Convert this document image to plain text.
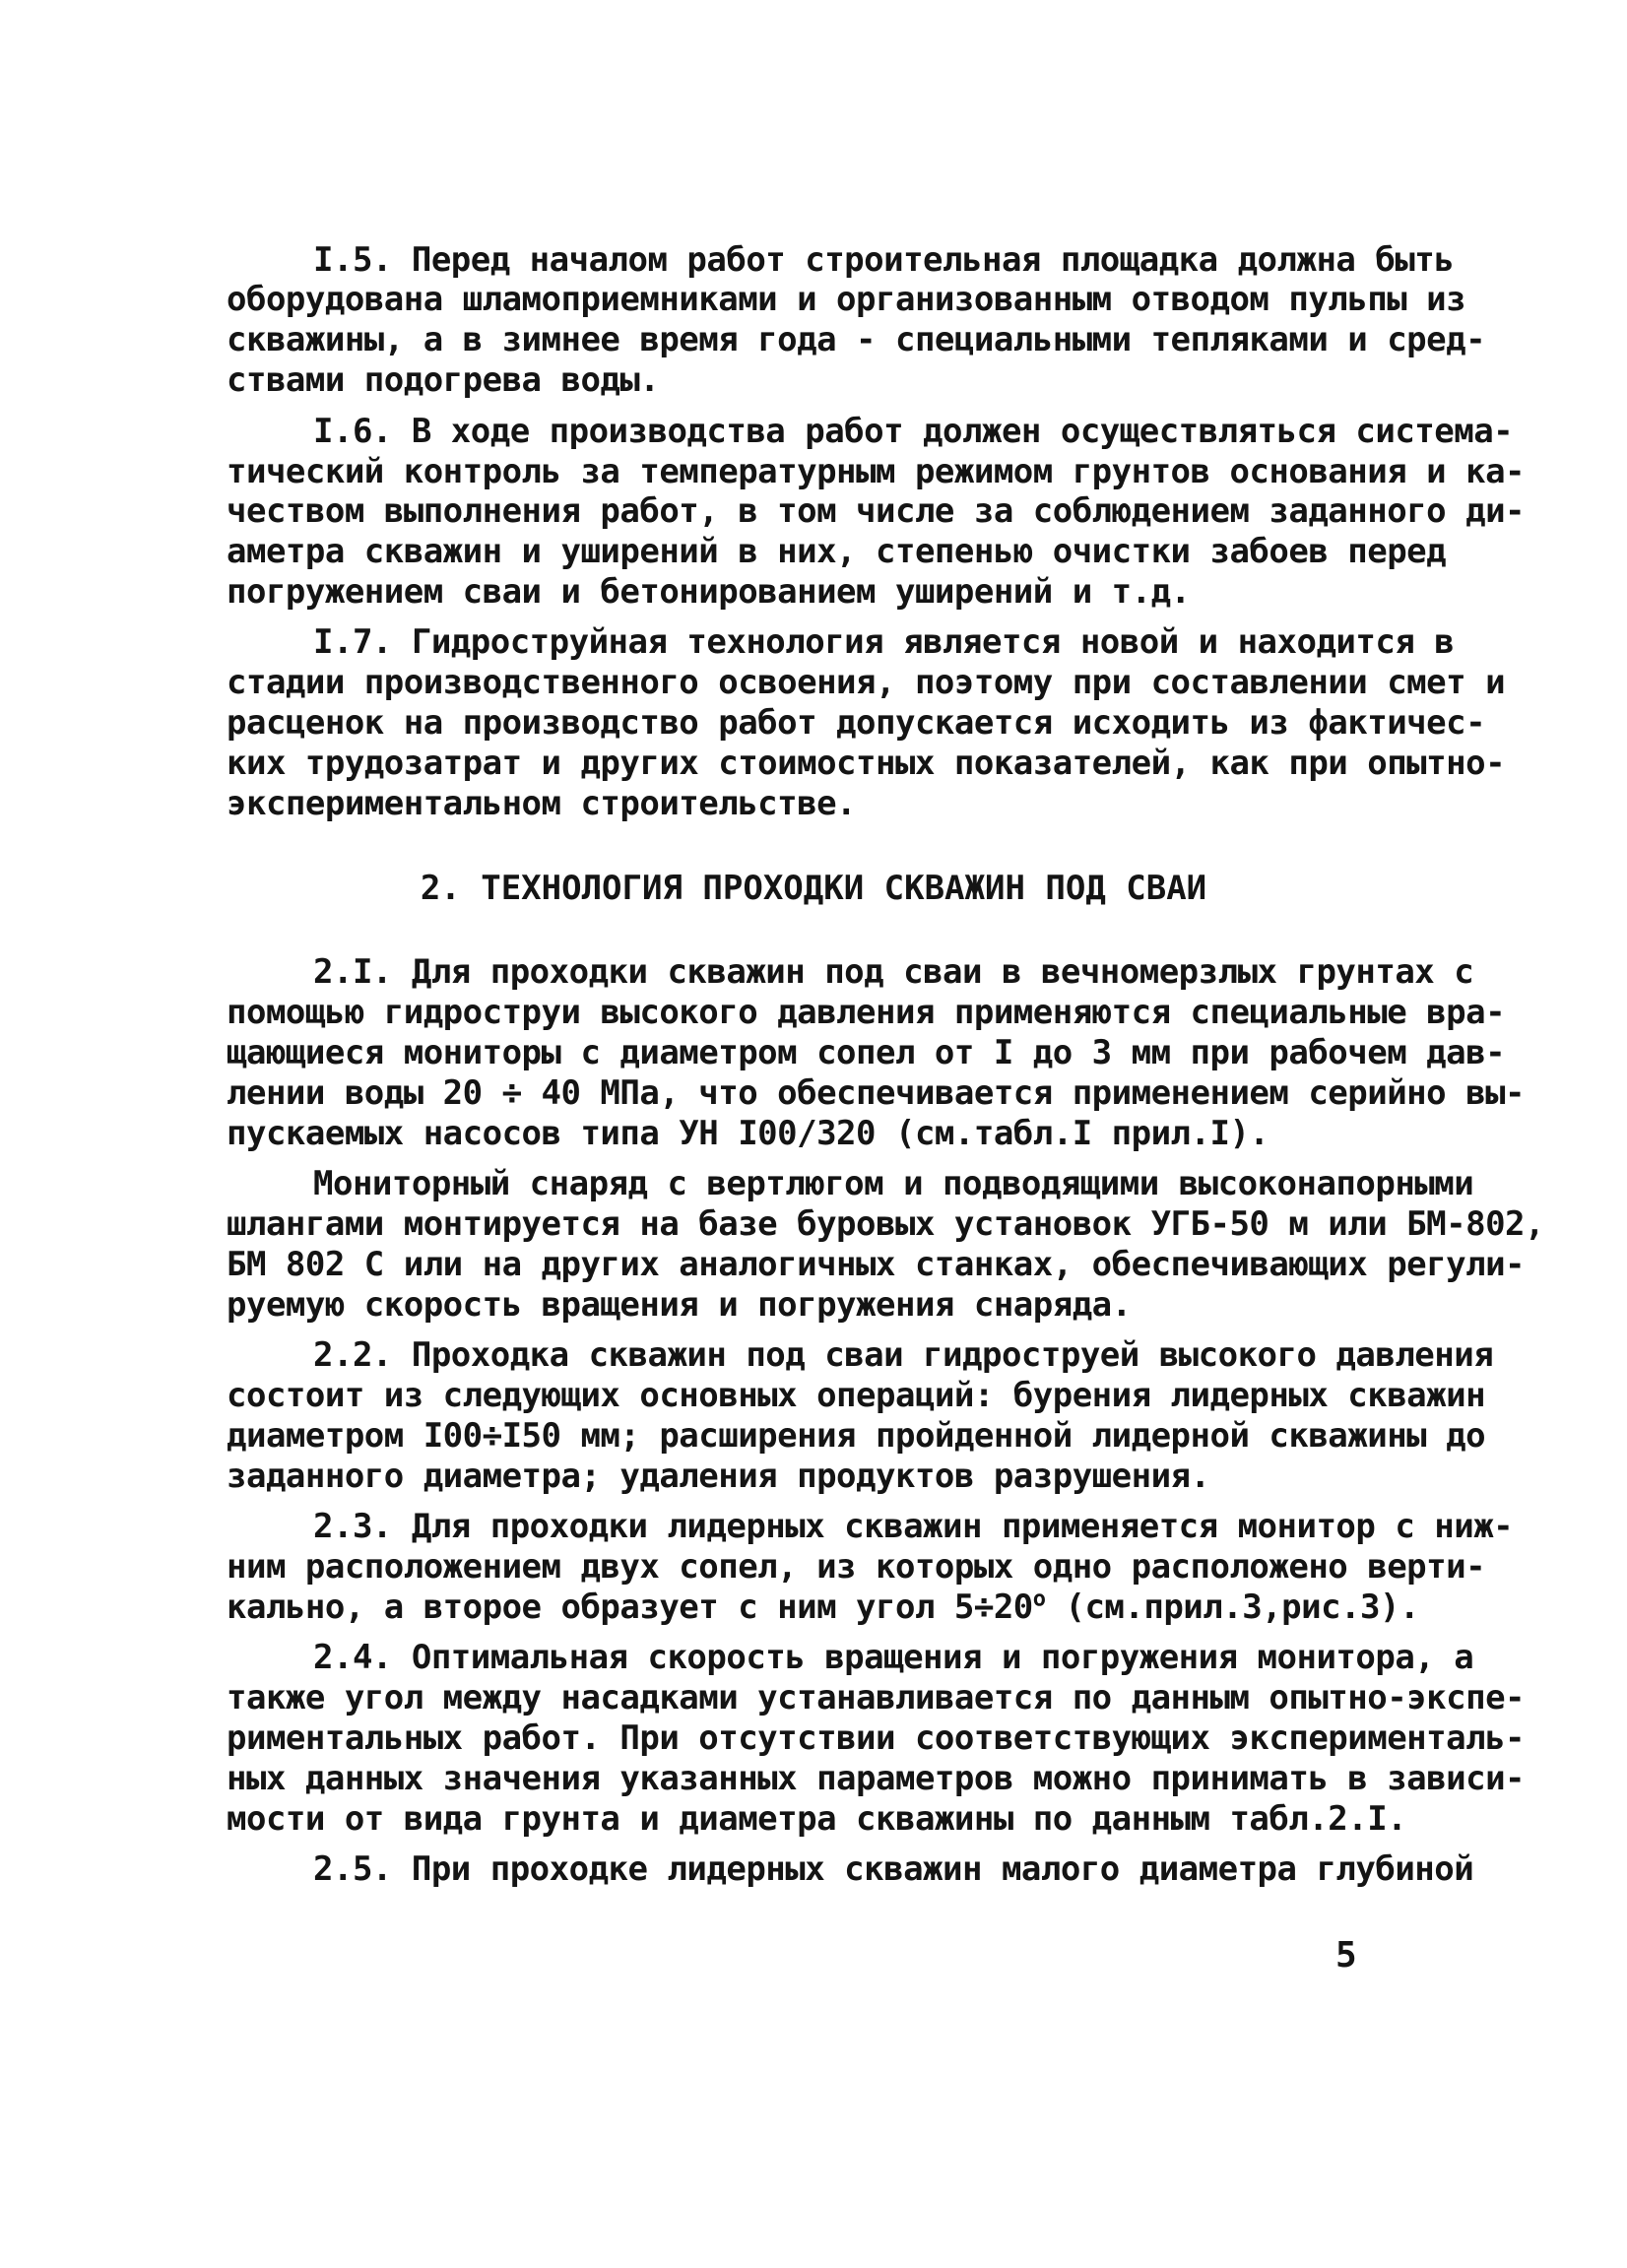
I.5. Перед началом работ строительная площадка должна быть
оборудована шламоприемниками и организованным отводом пульпы из
скважины, а в зимнее время года - специальными тепляками и сред-
ствами подогрева воды.
I.6. В ходе производства работ должен осуществляться система-
тический контроль за температурным режимом грунтов основания и ка-
чеством выполнения работ, в том числе за соблюдением заданного ди-
аметра скважин и уширений в них, степенью очистки забоев перед
погружением сваи и бетонированием уширений и т.д.
I.7. Гидроструйная технология является новой и находится в
стадии производственного освоения, поэтому при составлении смет и
расценок на производство работ допускается исходить из фактичес-
ких трудозатрат и других стоимостных показателей, как при опытно-
экспериментальном строительстве.
2. ТЕХНОЛОГИЯ ПРОХОДКИ СКВАЖИН ПОД СВАИ
2.I. Для проходки скважин под сваи в вечномерзлых грунтах с
помощью гидроструи высокого давления применяются специальные вра-
щающиеся мониторы с диаметром сопел от I до 3 мм при рабочем дав-
лении воды 20 ÷ 40 МПа, что обеспечивается применением серийно вы-
пускаемых насосов типа УН I00/320 (см.табл.I прил.I).
Мониторный снаряд с вертлюгом и подводящими высоконапорными
шлангами монтируется на базе буровых установок УГБ-50 м или БМ-802,
БМ 802 С или на других аналогичных станках, обеспечивающих регули-
руемую скорость вращения и погружения снаряда.
2.2. Проходка скважин под сваи гидроструей высокого давления
состоит из следующих основных операций: бурения лидерных скважин
диаметром I00÷I50 мм; расширения пройденной лидерной скважины до
заданного диаметра; удаления продуктов разрушения.
2.3. Для проходки лидерных скважин применяется монитор с ниж-
ним расположением двух сопел, из которых одно расположено верти-
кально, а второе образует с ним угол $5\div 20^о$ (см.прил.3,рис.3).
2.4. Оптимальная скорость вращения и погружения монитора, а
также угол между насадками устанавливается по данным опытно-экспе-
риментальных работ. При отсутствии соответствующих эксперименталь-
ных данных значения указанных параметров можно принимать в зависи-
мости от вида грунта и диаметра скважины по данным табл.2.I.
2.5. При проходке лидерных скважин малого диаметра глубиной
5
